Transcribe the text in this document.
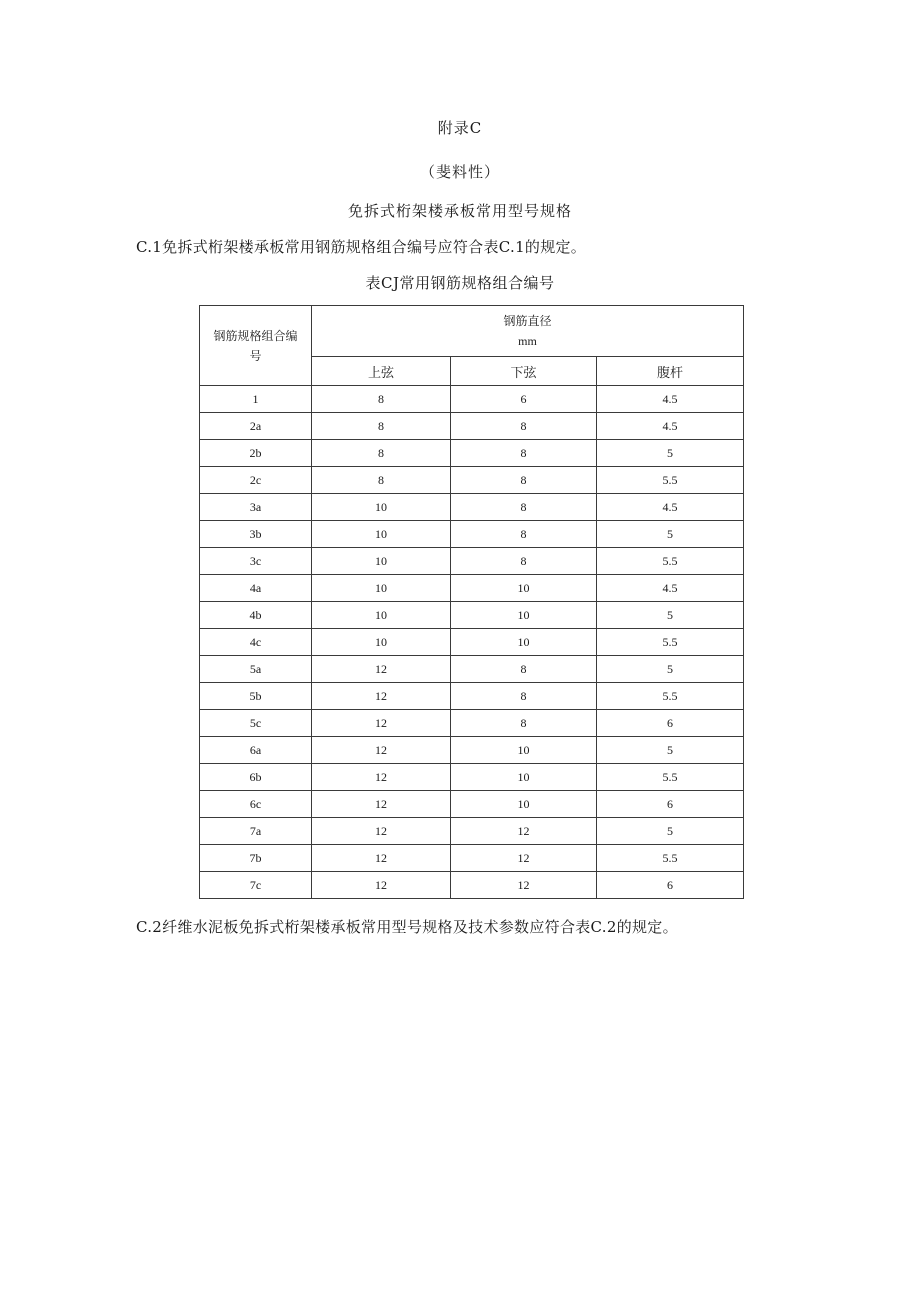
附录C
（斐料性）
免拆式桁架楼承板常用型号规格
C.1免拆式桁架楼承板常用钢筋规格组合编号应符合表C.1的规定。
表CJ常用钢筋规格组合编号
钢筋规格组合编号	钢筋直径
mm		

	上弦	下弦	腹杆
1	8	6	4.5
2a	8	8	4.5
2b	8	8	5
2c	8	8	5.5
3a	10	8	4.5
3b	10	8	5
3c	10	8	5.5
4a	10	10	4.5
4b	10	10	5
4c	10	10	5.5
5a	12	8	5
5b	12	8	5.5
5c	12	8	6
6a	12	10	5
6b	12	10	5.5
6c	12	10	6
7a	12	12	5
7b	12	12	5.5
7c	12	12	6
C.2纤维水泥板免拆式桁架楼承板常用型号规格及技术参数应符合表C.2的规定。
